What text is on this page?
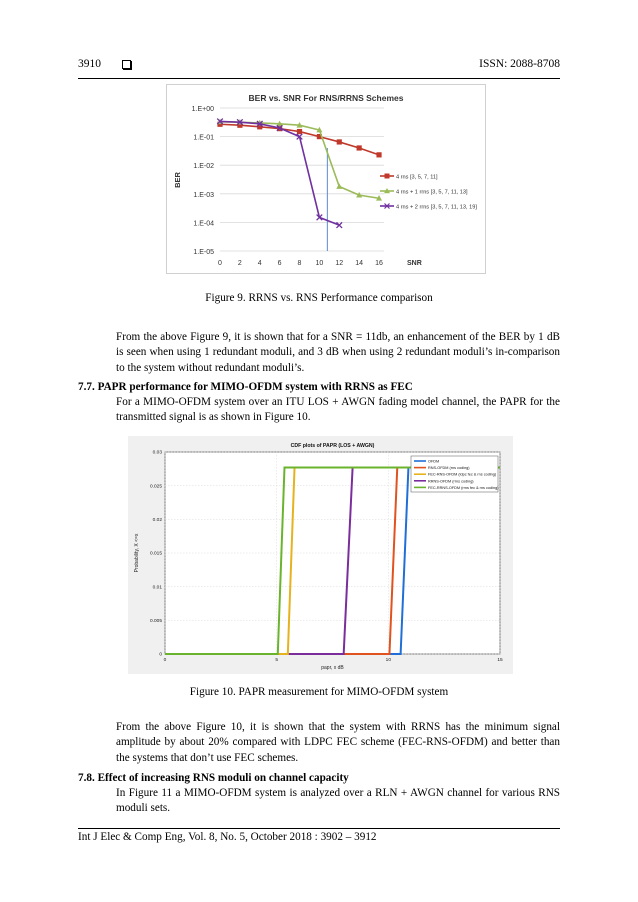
3910	ISSN: 2088-8708
BER vs. SNR For RNS/RRNS Schemes
1.E+00
1.E-01
1.E-02
1.E-03
1.E-04
1.E-05
0 2 4 6 8 10 12 14 16	SNR
BER	4 rns [3, 5, 7, 11]
4 rns + 1 rrns [3, 5, 7, 11, 13]
4 rns + 2 rrns [3, 5, 7, 11, 13, 19]
Figure 9. RRNS vs. RNS Performance comparison
From the above Figure 9, it is shown that for a SNR = 11db, an enhancement of the BER by 1 dB is seen when using 1 redundant moduli, and 3 dB when using 2 redundant moduli’s in-comparison to the system without redundant moduli’s.
7.7. PAPR performance for MIMO-OFDM system with RRNS as FEC
For a MIMO-OFDM system over an ITU LOS + AWGN fading model channel, the PAPR for the transmitted signal is as shown in Figure 10.
CDF plots of PAPR (LOS + AWGN)
0	5	10	15
0
0.005
0.01
0.015
0.02
0.025
0.03
papr, x dB
Probability, X <=x
OFDM
RNS-OFDM (rns coding)
FEC-RNS-OFDM (ldpc fec & rns coding)
RRNS-OFDM (rrns coding)
FEC-RRNS-OFDM (rrns fec & rns coding)
Figure 10. PAPR measurement for MIMO-OFDM system
From the above Figure 10, it is shown that the system with RRNS has the minimum signal amplitude by about 20% compared with LDPC FEC scheme (FEC-RNS-OFDM) and better than the systems that don’t use FEC schemes.
7.8. Effect of increasing RNS moduli on channel capacity
In Figure 11 a MIMO-OFDM system is analyzed over a RLN + AWGN channel for various RNS moduli sets.
Int J Elec & Comp Eng, Vol. 8, No. 5, October 2018 : 3902 – 3912
